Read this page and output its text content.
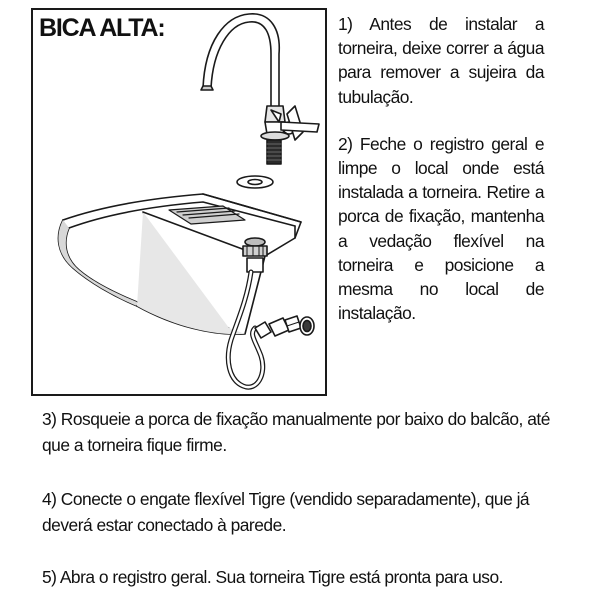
BICA ALTA:	1) Antes de instalar a torneira, deixe correr a água para remover a sujeira da tubulação.

2) Feche o registro geral e limpe o local onde está instalada a torneira. Retire a porca de fixação, mantenha a vedação flexível na torneira e posicione a mesma no local de instalação.

3) Rosqueie a porca de fixação manualmente por baixo do balcão, até que a torneira fique firme.

4) Conecte o engate flexível Tigre (vendido separadamente), que já deverá estar conectado à parede.

5) Abra o registro geral. Sua torneira Tigre está pronta para uso.
